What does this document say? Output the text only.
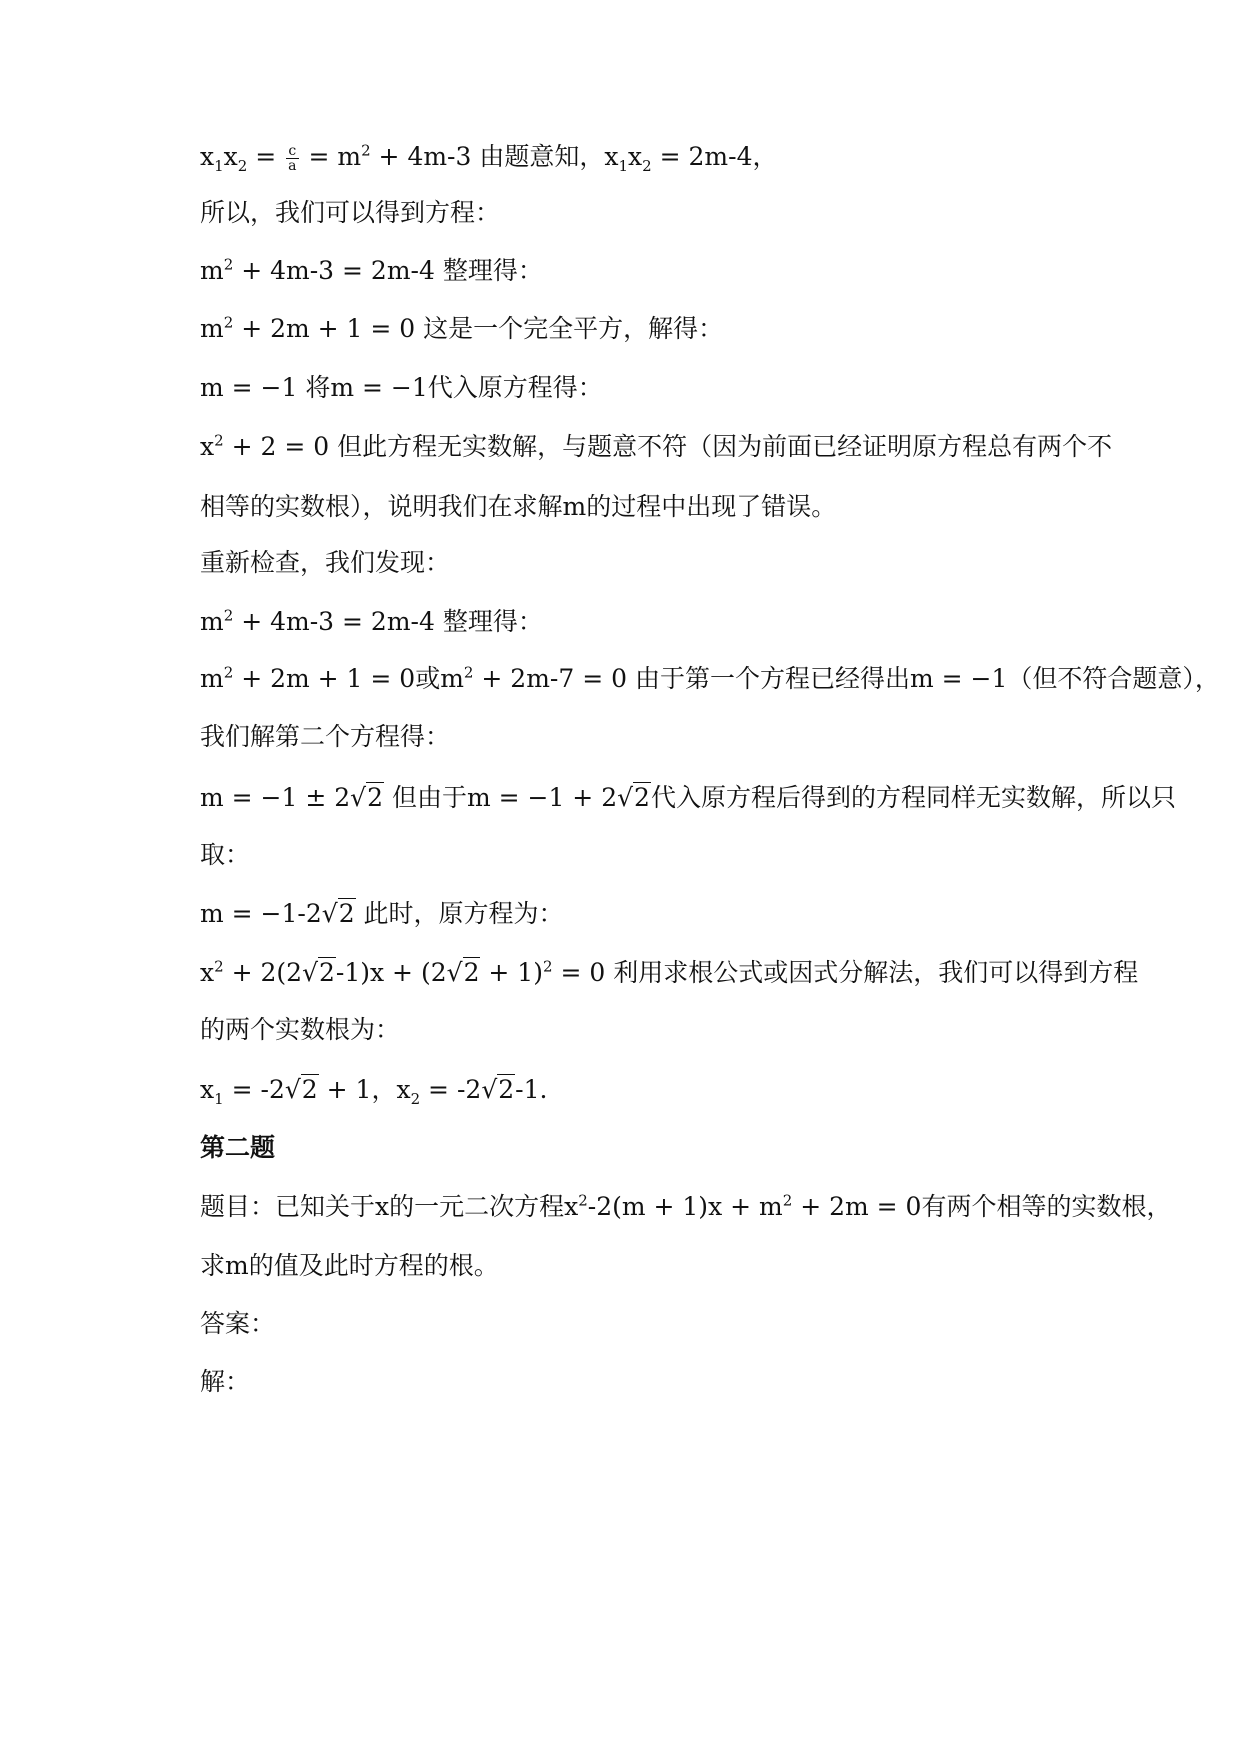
$x_1x_2 = \frac{c}{a} = m^2 + 4m-3$ 由题意知，$x_1x_2 = 2m-4$，
所以，我们可以得到方程：
$m^2 + 4m-3 = 2m-4$ 整理得：
$m^2 + 2m + 1 = 0$ 这是一个完全平方，解得：
m = −1 将m = −1代入原方程得：
$x^2 + 2 = 0$ 但此方程无实数解，与题意不符（因为前面已经证明原方程总有两个不
相等的实数根），说明我们在求解m的过程中出现了错误。
重新检查，我们发现：
$m^2 + 4m-3 = 2m-4$ 整理得：
$m^2 + 2m + 1 = 0$或$m^2 + 2m-7 = 0$ 由于第一个方程已经得出m = −1（但不符合题意），
我们解第二个方程得：
m = −1 ± 2√2 但由于m = −1 + 2√2代入原方程后得到的方程同样无实数解，所以只
取：
m = −1-2√2 此时，原方程为：
$x^2 + 2(2√2-1)x + (2√2 + 1)^2 = 0$ 利用求根公式或因式分解法，我们可以得到方程
的两个实数根为：
$x_1 = -2√2 + 1$，$x_2 = -2√2-1$.
第二题
题目：已知关于x的一元二次方程$x^2-2(m + 1)x + m^2 + 2m = 0$有两个相等的实数根，
求m的值及此时方程的根。
答案：
解：
